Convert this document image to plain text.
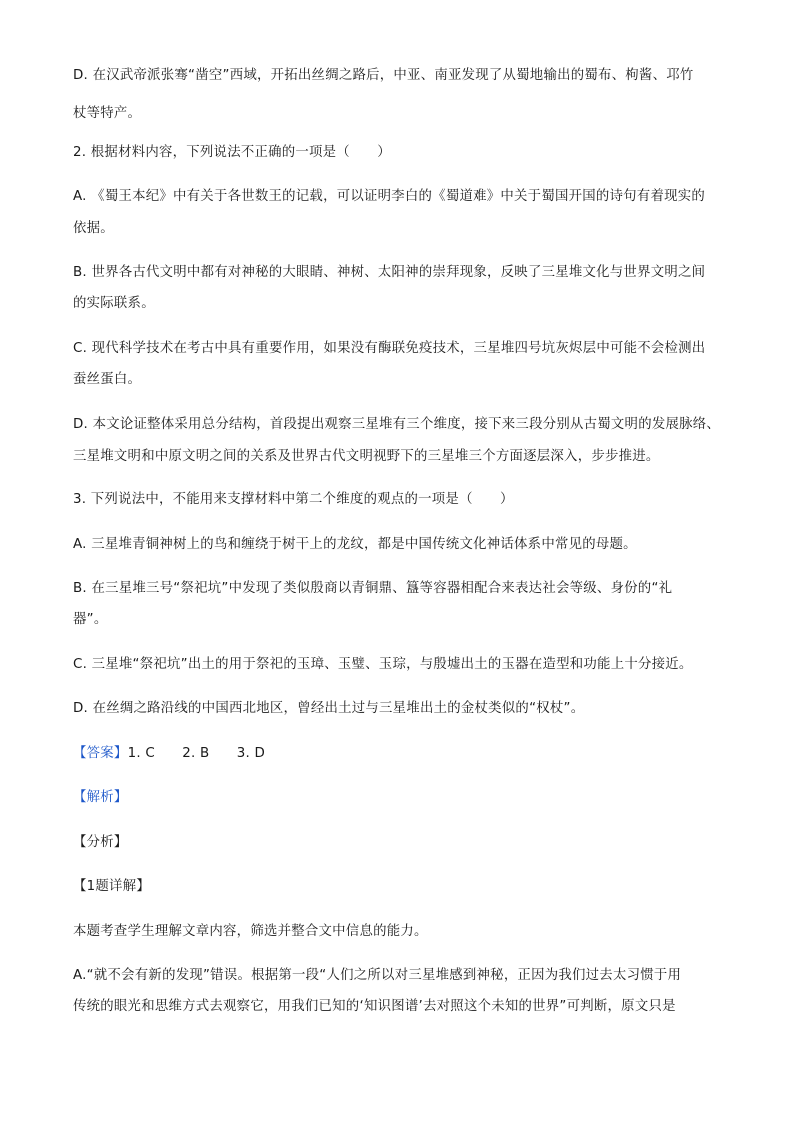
D. 在汉武帝派张骞“凿空”西域，开拓出丝绸之路后，中亚、南亚发现了从蜀地输出的蜀布、枸酱、邛竹
杖等特产。
2. 根据材料内容，下列说法不正确的一项是（　　）
A. 《蜀王本纪》中有关于各世数王的记载，可以证明李白的《蜀道难》中关于蜀国开国的诗句有着现实的
依据。
B. 世界各古代文明中都有对神秘的大眼睛、神树、太阳神的崇拜现象，反映了三星堆文化与世界文明之间
的实际联系。
C. 现代科学技术在考古中具有重要作用，如果没有酶联免疫技术，三星堆四号坑灰烬层中可能不会检测出
蚕丝蛋白。
D. 本文论证整体采用总分结构，首段提出观察三星堆有三个维度，接下来三段分别从古蜀文明的发展脉络、
三星堆文明和中原文明之间的关系及世界古代文明视野下的三星堆三个方面逐层深入，步步推进。
3. 下列说法中，不能用来支撑材料中第二个维度的观点的一项是（　　）
A. 三星堆青铜神树上的鸟和缠绕于树干上的龙纹，都是中国传统文化神话体系中常见的母题。
B. 在三星堆三号“祭祀坑”中发现了类似殷商以青铜鼎、簋等容器相配合来表达社会等级、身份的“礼
器”。
C. 三星堆“祭祀坑”出土的用于祭祀的玉璋、玉璧、玉琮，与殷墟出土的玉器在造型和功能上十分接近。
D. 在丝绸之路沿线的中国西北地区，曾经出土过与三星堆出土的金杖类似的“权杖”。
【答案】1. C　　2. B　　3. D
【解析】
【分析】
【1题详解】
本题考查学生理解文章内容，筛选并整合文中信息的能力。
A.“就不会有新的发现”错误。根据第一段“人们之所以对三星堆感到神秘，正因为我们过去太习惯于用
传统的眼光和思维方式去观察它，用我们已知的‘知识图谱’去对照这个未知的世界”可判断，原文只是
